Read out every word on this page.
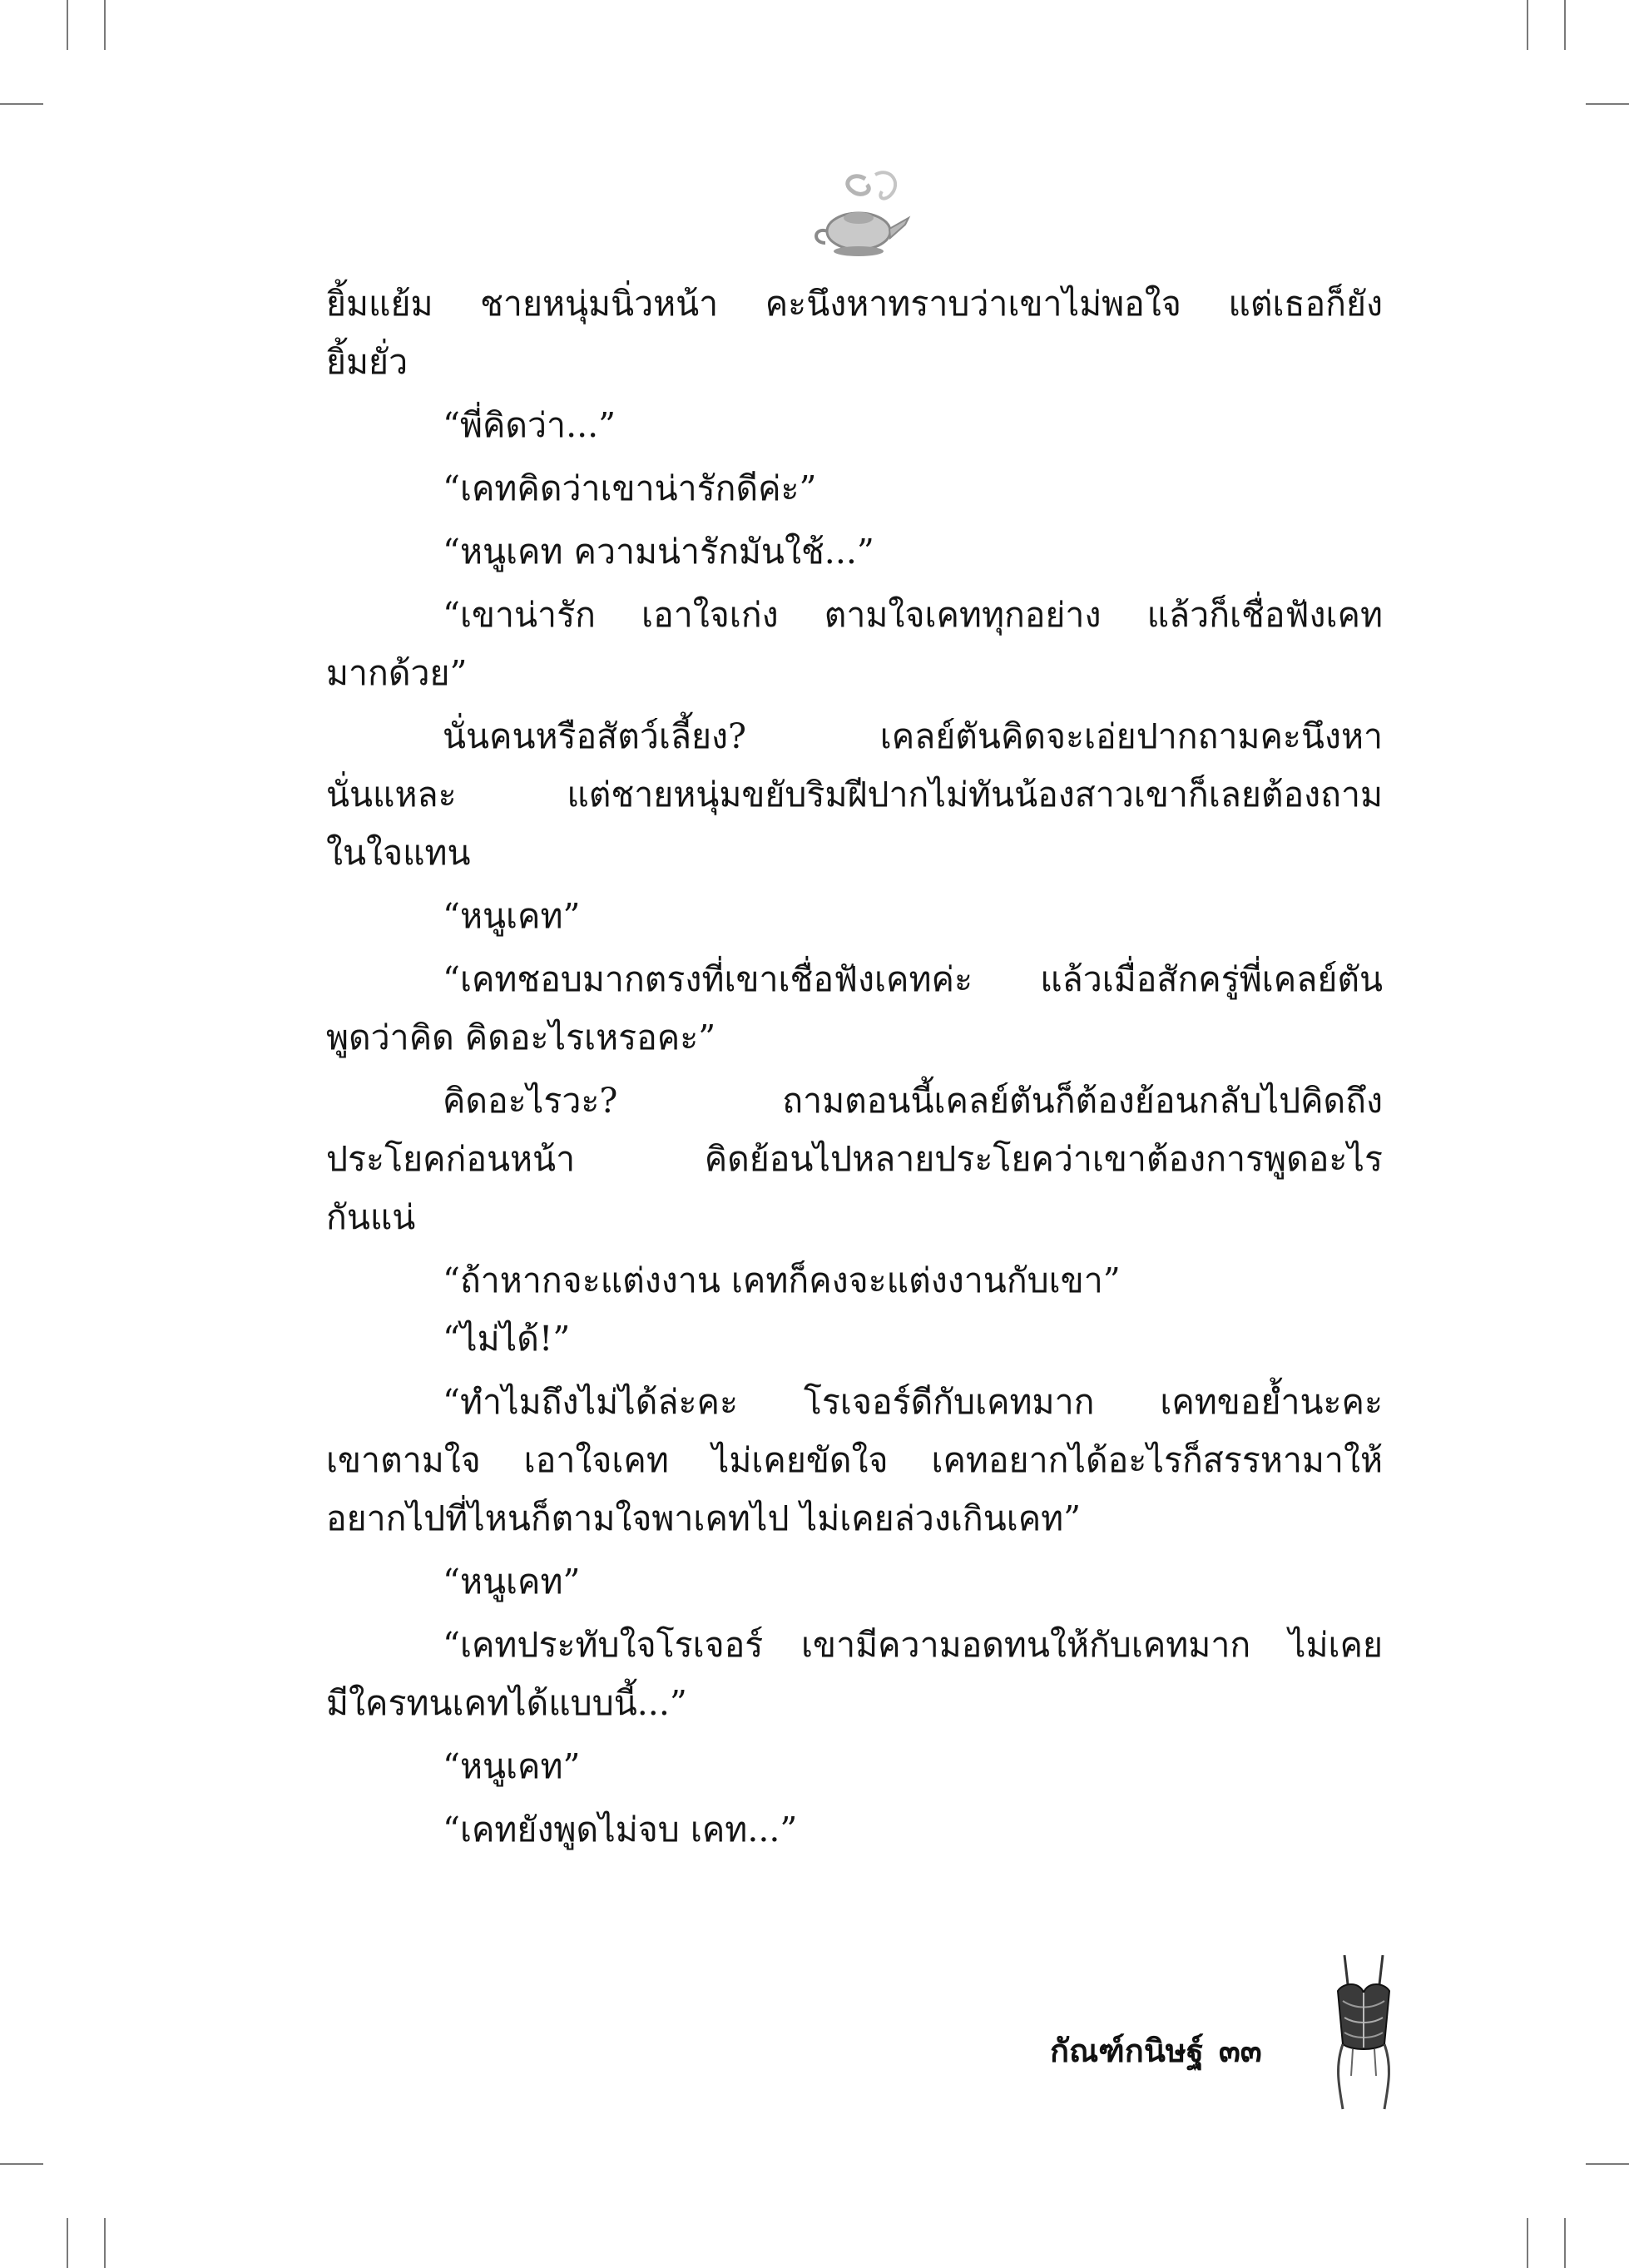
ยิ้มแย้ม ชายหนุ่มนิ่วหน้า คะนึงหาทราบว่าเขาไม่พอใจ แต่เธอก็ยัง
ยิ้มยั่ว
“พี่คิดว่า...”
“เคทคิดว่าเขาน่ารักดีค่ะ”
“หนูเคท ความน่ารักมันใช้...”
“เขาน่ารัก เอาใจเก่ง ตามใจเคททุกอย่าง แล้วก็เชื่อฟังเคท
มากด้วย”
นั่นคนหรือสัตว์เลี้ยง? เคลย์ตันคิดจะเอ่ยปากถามคะนึงหา
นั่นแหละ แต่ชายหนุ่มขยับริมฝีปากไม่ทันน้องสาวเขาก็เลยต้องถาม
ในใจแทน
“หนูเคท”
“เคทชอบมากตรงที่เขาเชื่อฟังเคทค่ะ แล้วเมื่อสักครู่พี่เคลย์ตัน
พูดว่าคิด คิดอะไรเหรอคะ”
คิดอะไรวะ? ถามตอนนี้เคลย์ตันก็ต้องย้อนกลับไปคิดถึง
ประโยคก่อนหน้า คิดย้อนไปหลายประโยคว่าเขาต้องการพูดอะไร
กันแน่
“ถ้าหากจะแต่งงาน เคทก็คงจะแต่งงานกับเขา”
“ไม่ได้!”
“ทำไมถึงไม่ได้ล่ะคะ โรเจอร์ดีกับเคทมาก เคทขอย้ำนะคะ
เขาตามใจ เอาใจเคท ไม่เคยขัดใจ เคทอยากได้อะไรก็สรรหามาให้
อยากไปที่ไหนก็ตามใจพาเคทไป ไม่เคยล่วงเกินเคท”
“หนูเคท”
“เคทประทับใจโรเจอร์ เขามีความอดทนให้กับเคทมาก ไม่เคย
มีใครทนเคทได้แบบนี้...”
“หนูเคท”
“เคทยังพูดไม่จบ เคท...”
กัณฑ์กนิษฐ์ ๓๓
